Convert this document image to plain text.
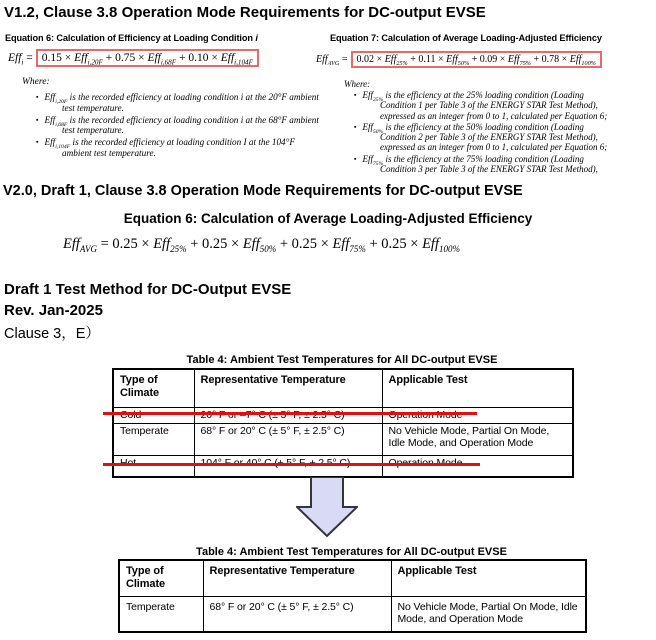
V1.2, Clause 3.8 Operation Mode Requirements for DC-output EVSE
Equation 6: Calculation of Efficiency at Loading Condition i	Equation 7: Calculation of Average Loading-Adjusted Efficiency
Eff$_i$ = 0.15 × Eff$_{i,20F}$ + 0.75 × Eff$_{i,68F}$ + 0.10 × Eff$_{i,104F}$	Eff$_{AVG}$ = 0.02 × Eff$_{25\%}$ + 0.11 × Eff$_{50\%}$ + 0.09 × Eff$_{75\%}$ + 0.78 × Eff$_{100\%}$
Where:	Where:
▪ Eff$_{i,20F}$ is the recorded efficiency at loading condition i at the 20°F ambient test temperature.
▪ Eff$_{i,68F}$ is the recorded efficiency at loading condition i at the 68°F ambient test temperature.
▪ Eff$_{i,104F}$ is the recorded efficiency at loading condition I at the 104°F ambient test temperature.
▪ Eff$_{25\%}$ is the efficiency at the 25% loading condition (Loading Condition 1 per Table 3 of the ENERGY STAR Test Method), expressed as an integer from 0 to 1, calculated per Equation 6;
▪ Eff$_{50\%}$ is the efficiency at the 50% loading condition (Loading Condition 2 per Table 3 of the ENERGY STAR Test Method), expressed as an integer from 0 to 1, calculated per Equation 6;
▪ Eff$_{75\%}$ is the efficiency at the 75% loading condition (Loading Condition 3 per Table 3 of the ENERGY STAR Test Method),
V2.0, Draft 1, Clause 3.8 Operation Mode Requirements for DC-output EVSE
Equation 6: Calculation of Average Loading-Adjusted Efficiency
Eff$_{AVG}$ = 0.25 × Eff$_{25\%}$ + 0.25 × Eff$_{50\%}$ + 0.25 × Eff$_{75\%}$ + 0.25 × Eff$_{100\%}$
Draft 1 Test Method for DC-Output EVSE
Rev. Jan-2025
Clause 3，E）
Table 4: Ambient Test Temperatures for All DC-output EVSE
Type of Climate	Representative Temperature	Applicable Test

Temperate	68° F or 20° C (± 5° F, ± 2.5° C)	No Vehicle Mode, Partial On Mode, Idle Mode, and Operation Mode

Table 4: Ambient Test Temperatures for All DC-output EVSE
Type of Climate	Representative Temperature	Applicable Test
Temperate	68° F or 20° C (± 5° F, ± 2.5° C)	No Vehicle Mode, Partial On Mode, Idle Mode, and Operation Mode
